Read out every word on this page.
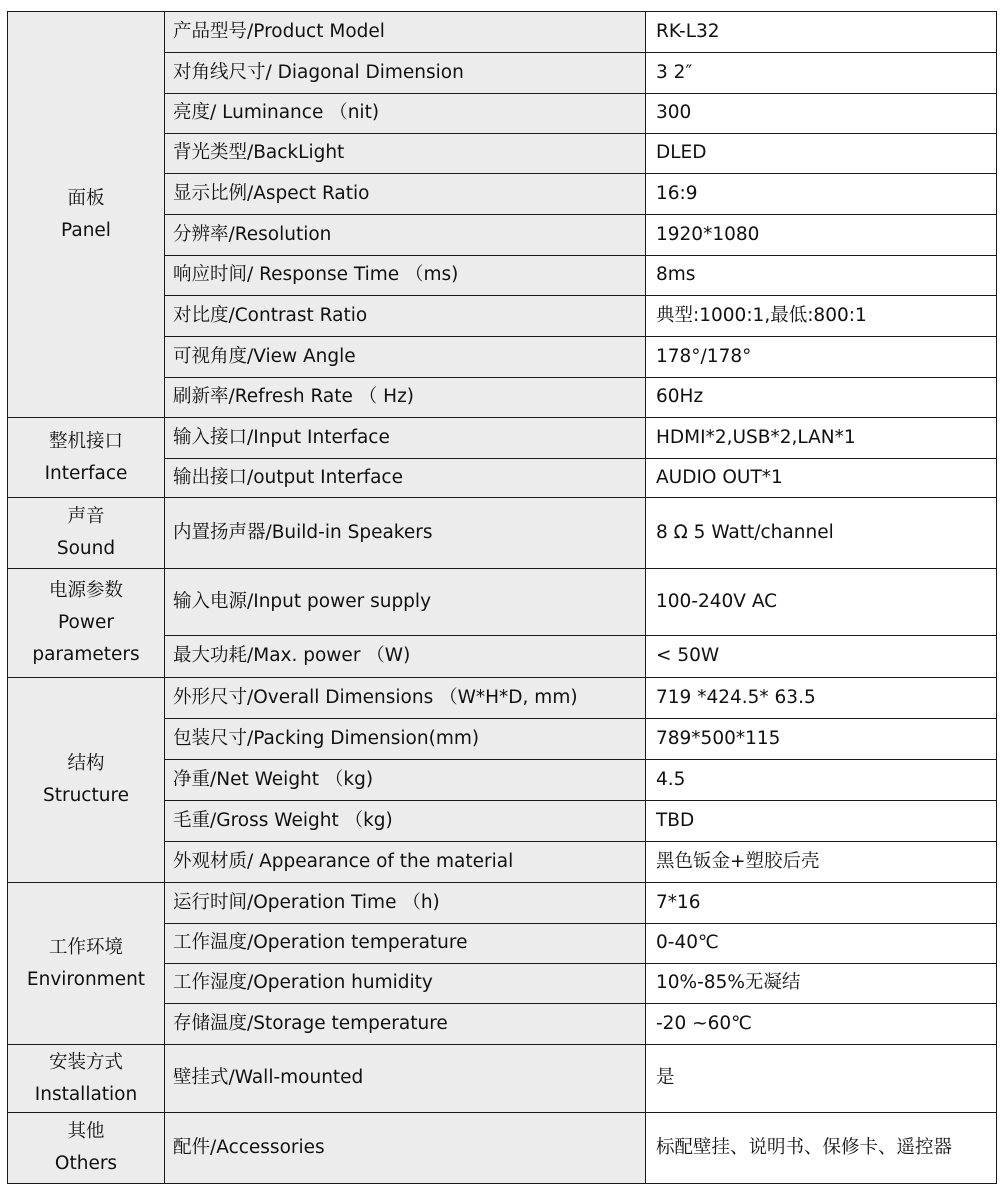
面板
Panel	产品型号/Product Model	RK-L32
	对角线尺寸/ Diagonal Dimension	3 2″
	亮度/ Luminance （nit)	300
	背光类型/BackLight	DLED
	显示比例/Aspect Ratio	16:9
	分辨率/Resolution	1920*1080
	响应时间/ Response Time （ms)	8ms
	对比度/Contrast Ratio	典型:1000:1,最低:800:1
	可视角度/View Angle	178°/178°
	刷新率/Refresh Rate （ Hz)	60Hz

整机接口
Interface	输入接口/Input Interface	HDMI*2,USB*2,LAN*1
	输出接口/output Interface	AUDIO OUT*1

声音
Sound	内置扬声器/Build-in Speakers	8 Ω 5 Watt/channel

电源参数
Power
parameters	输入电源/Input power supply	100-240V AC
	最大功耗/Max. power （W)	< 50W

结构
Structure	外形尺寸/Overall Dimensions （W*H*D, mm)	719 *424.5* 63.5
	包装尺寸/Packing Dimension(mm)	789*500*115
	净重/Net Weight （kg)	4.5
	毛重/Gross Weight （kg)	TBD
	外观材质/ Appearance of the material	黑色钣金+塑胶后壳

工作环境
Environment	运行时间/Operation Time （h)	7*16
	工作温度/Operation temperature	0-40℃
	工作湿度/Operation humidity	10%-85%无凝结
	存储温度/Storage temperature	-20 ~60℃

安装方式
Installation	壁挂式/Wall-mounted	是

其他
Others	配件/Accessories	标配壁挂、说明书、保修卡、遥控器
